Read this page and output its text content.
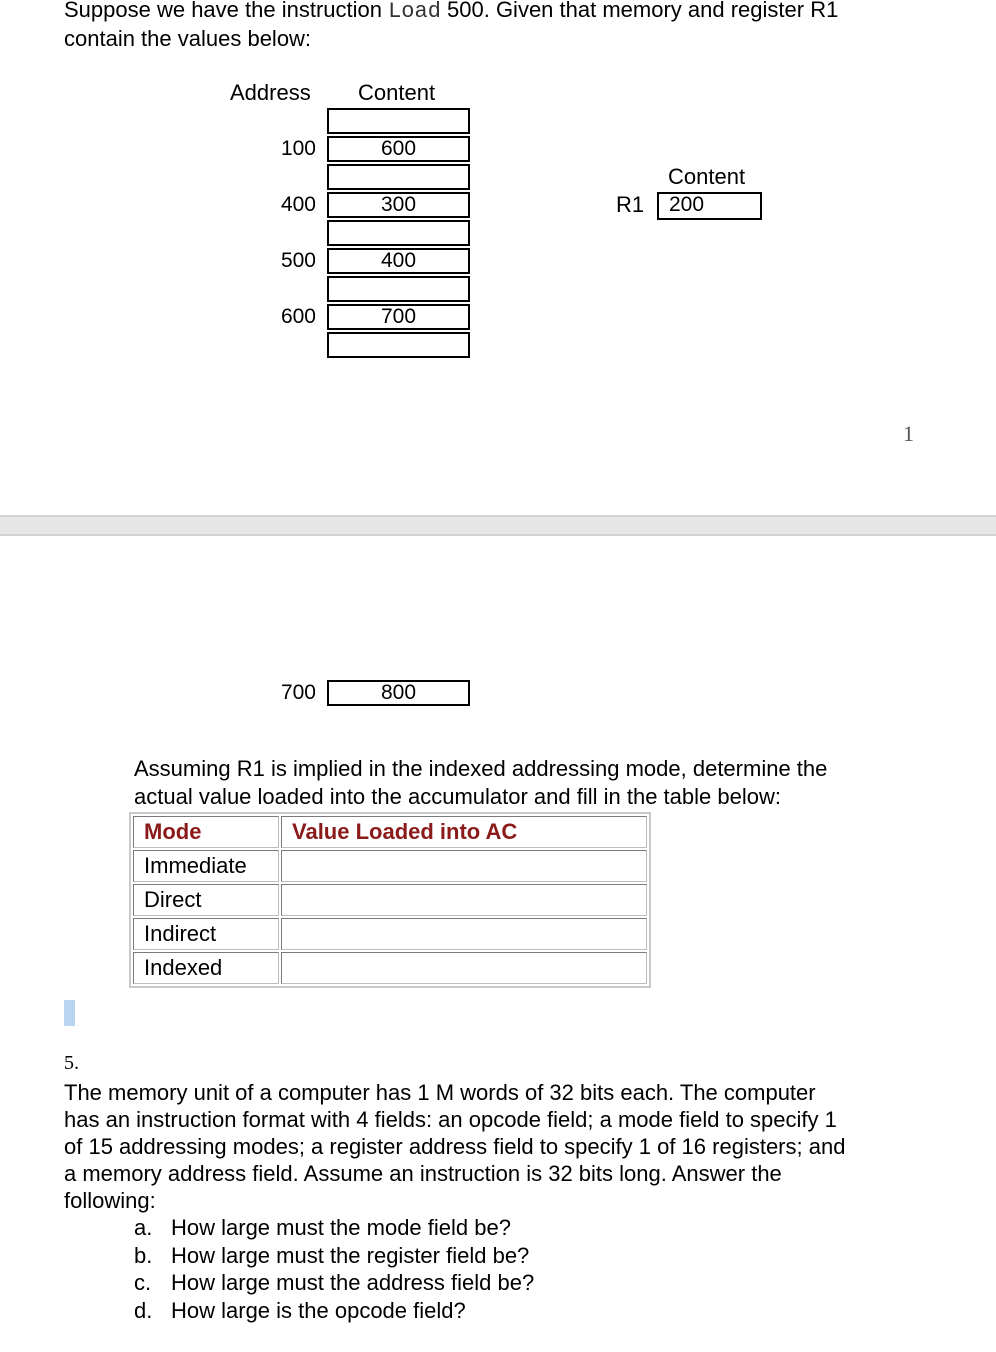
Suppose we have the instruction Load 500. Given that memory and register R1
contain the values below:
Address Content
100	600
400	300
500	400
600	700
Content
R1	200
1
700	800
Assuming R1 is implied in the indexed addressing mode, determine the
actual value loaded into the accumulator and fill in the table below:
Mode	Value Loaded into AC
Immediate	
Direct	
Indirect	
Indexed	
5.
The memory unit of a computer has 1 M words of 32 bits each. The computer
has an instruction format with 4 fields: an opcode field; a mode field to specify 1
of 15 addressing modes; a register address field to specify 1 of 16 registers; and
a memory address field. Assume an instruction is 32 bits long. Answer the
following:
a. How large must the mode field be?
b. How large must the register field be?
c. How large must the address field be?
d. How large is the opcode field?
